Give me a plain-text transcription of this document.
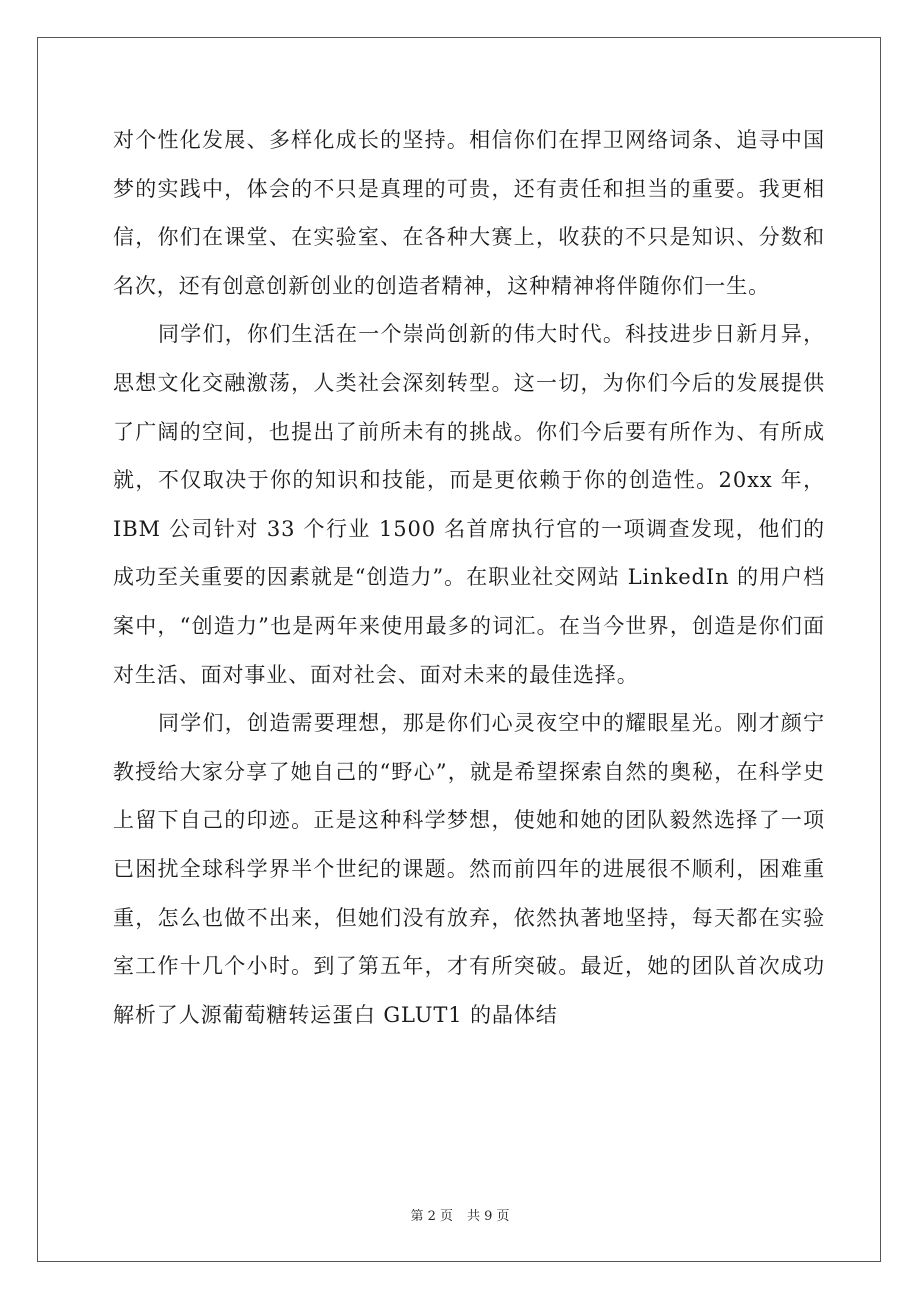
对个性化发展、多样化成长的坚持。相信你们在捍卫网络词条、追寻中国梦的实践中，体会的不只是真理的可贵，还有责任和担当的重要。我更相信，你们在课堂、在实验室、在各种大赛上，收获的不只是知识、分数和名次，还有创意创新创业的创造者精神，这种精神将伴随你们一生。

同学们，你们生活在一个崇尚创新的伟大时代。科技进步日新月异，思想文化交融激荡，人类社会深刻转型。这一切，为你们今后的发展提供了广阔的空间，也提出了前所未有的挑战。你们今后要有所作为、有所成就，不仅取决于你的知识和技能，而是更依赖于你的创造性。20xx 年，IBM 公司针对 33 个行业 1500 名首席执行官的一项调查发现，他们的成功至关重要的因素就是“创造力”。在职业社交网站 LinkedIn 的用户档案中，“创造力”也是两年来使用最多的词汇。在当今世界，创造是你们面对生活、面对事业、面对社会、面对未来的最佳选择。

同学们，创造需要理想，那是你们心灵夜空中的耀眼星光。刚才颜宁教授给大家分享了她自己的“野心”，就是希望探索自然的奥秘，在科学史上留下自己的印迹。正是这种科学梦想，使她和她的团队毅然选择了一项已困扰全球科学界半个世纪的课题。然而前四年的进展很不顺利，困难重重，怎么也做不出来，但她们没有放弃，依然执著地坚持，每天都在实验室工作十几个小时。到了第五年，才有所突破。最近，她的团队首次成功解析了人源葡萄糖转运蛋白 GLUT1 的晶体结

第 2 页 共 9 页
